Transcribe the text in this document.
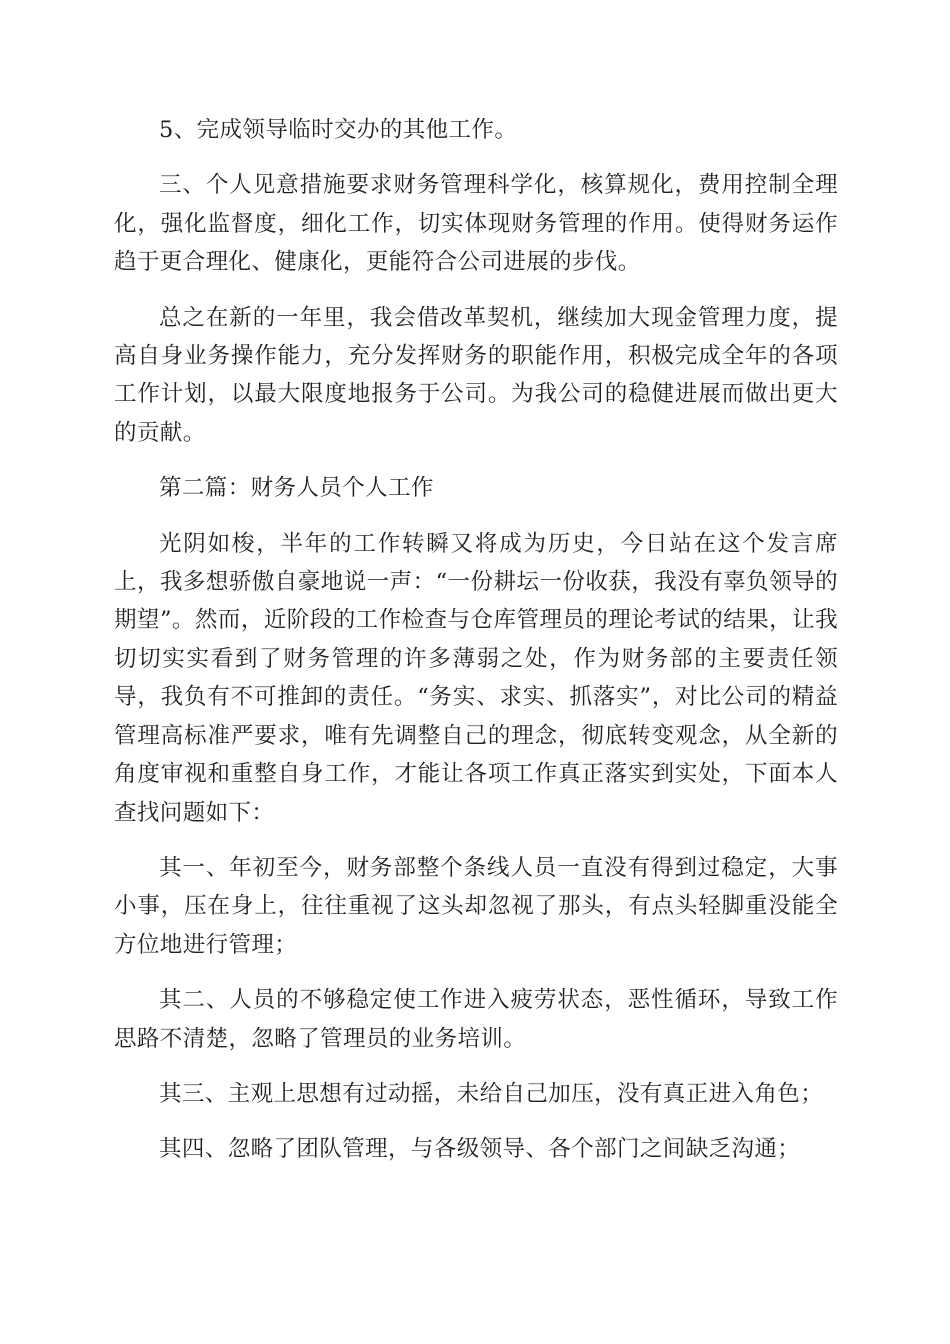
5、完成领导临时交办的其他工作。

三、个人见意措施要求财务管理科学化，核算规化，费用控制全理化，强化监督度，细化工作，切实体现财务管理的作用。使得财务运作趋于更合理化、健康化，更能符合公司进展的步伐。

总之在新的一年里，我会借改革契机，继续加大现金管理力度，提高自身业务操作能力，充分发挥财务的职能作用，积极完成全年的各项工作计划，以最大限度地报务于公司。为我公司的稳健进展而做出更大的贡献。

第二篇：财务人员个人工作

光阴如梭，半年的工作转瞬又将成为历史，今日站在这个发言席上，我多想骄傲自豪地说一声：“一份耕坛一份收获，我没有辜负领导的期望”。然而，近阶段的工作检查与仓库管理员的理论考试的结果，让我切切实实看到了财务管理的许多薄弱之处，作为财务部的主要责任领导，我负有不可推卸的责任。“务实、求实、抓落实”，对比公司的精益管理高标准严要求，唯有先调整自己的理念，彻底转变观念，从全新的角度审视和重整自身工作，才能让各项工作真正落实到实处，下面本人查找问题如下：

其一、年初至今，财务部整个条线人员一直没有得到过稳定，大事小事，压在身上，往往重视了这头却忽视了那头，有点头轻脚重没能全方位地进行管理；

其二、人员的不够稳定使工作进入疲劳状态，恶性循环，导致工作思路不清楚，忽略了管理员的业务培训。

其三、主观上思想有过动摇，未给自己加压，没有真正进入角色；

其四、忽略了团队管理，与各级领导、各个部门之间缺乏沟通；
